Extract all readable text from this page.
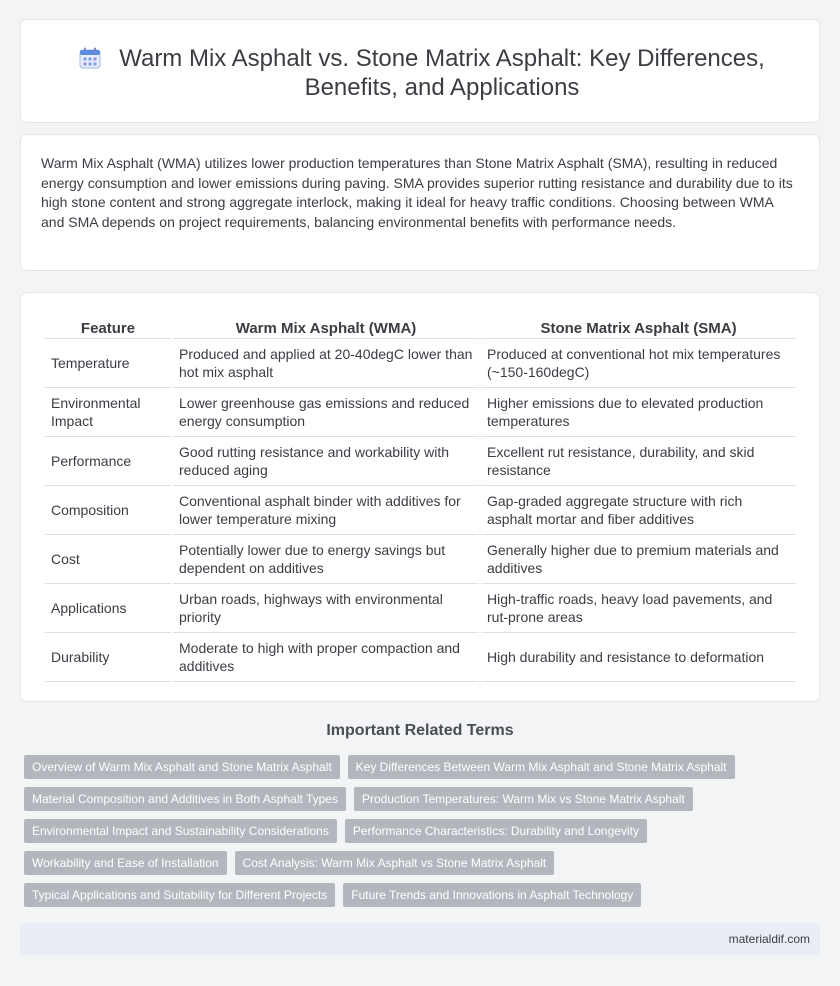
Warm Mix Asphalt vs. Stone Matrix Asphalt: Key Differences, Benefits, and Applications

Warm Mix Asphalt (WMA) utilizes lower production temperatures than Stone Matrix Asphalt (SMA), resulting in reduced energy consumption and lower emissions during paving. SMA provides superior rutting resistance and durability due to its high stone content and strong aggregate interlock, making it ideal for heavy traffic conditions. Choosing between WMA and SMA depends on project requirements, balancing environmental benefits with performance needs.

Feature	Warm Mix Asphalt (WMA)	Stone Matrix Asphalt (SMA)
Temperature	Produced and applied at 20-40degC lower than hot mix asphalt	Produced at conventional hot mix temperatures (~150-160degC)
Environmental Impact	Lower greenhouse gas emissions and reduced energy consumption	Higher emissions due to elevated production temperatures
Performance	Good rutting resistance and workability with reduced aging	Excellent rut resistance, durability, and skid resistance
Composition	Conventional asphalt binder with additives for lower temperature mixing	Gap-graded aggregate structure with rich asphalt mortar and fiber additives
Cost	Potentially lower due to energy savings but dependent on additives	Generally higher due to premium materials and additives
Applications	Urban roads, highways with environmental priority	High-traffic roads, heavy load pavements, and rut-prone areas
Durability	Moderate to high with proper compaction and additives	High durability and resistance to deformation
Important Related Terms
Overview of Warm Mix Asphalt and Stone Matrix Asphalt	Key Differences Between Warm Mix Asphalt and Stone Matrix Asphalt
Material Composition and Additives in Both Asphalt Types	Production Temperatures: Warm Mix vs Stone Matrix Asphalt
Environmental Impact and Sustainability Considerations	Performance Characteristics: Durability and Longevity
Workability and Ease of Installation	Cost Analysis: Warm Mix Asphalt vs Stone Matrix Asphalt
Typical Applications and Suitability for Different Projects	Future Trends and Innovations in Asphalt Technology
materialdif.com
